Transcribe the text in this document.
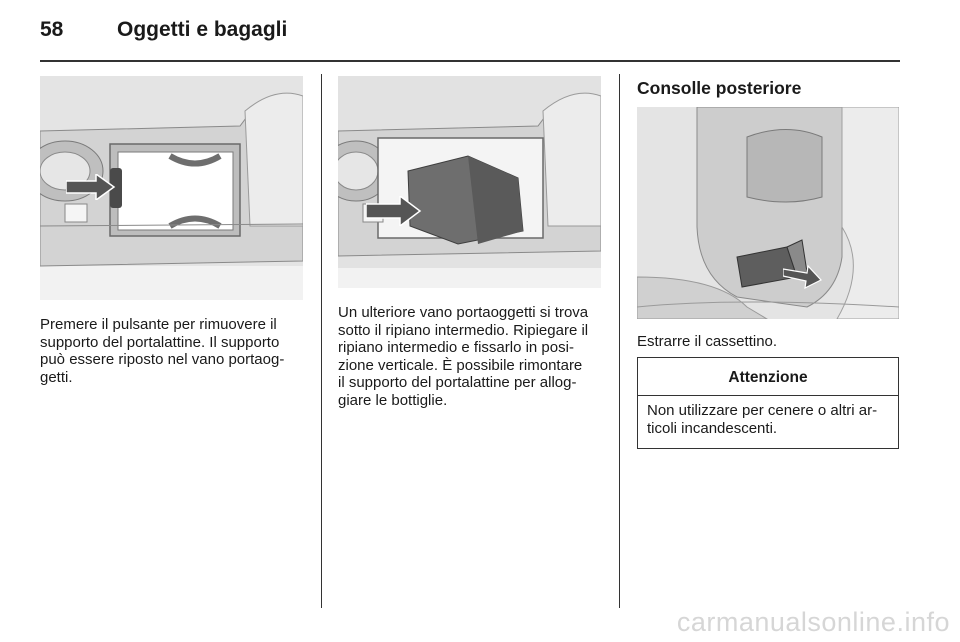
58	Oggetti e bagagli

Premere il pulsante per rimuovere il
supporto del portalattine. Il supporto
può essere riposto nel vano portaog-
getti.

Un ulteriore vano portaoggetti si trova
sotto il ripiano intermedio. Ripiegare il
ripiano intermedio e fissarlo in posi-
zione verticale. È possibile rimontare
il supporto del portalattine per allog-
giare le bottiglie.

Consolle posteriore

Estrarre il cassettino.

Attenzione
Non utilizzare per cenere o altri ar-
ticoli incandescenti.
carmanualsonline.info
